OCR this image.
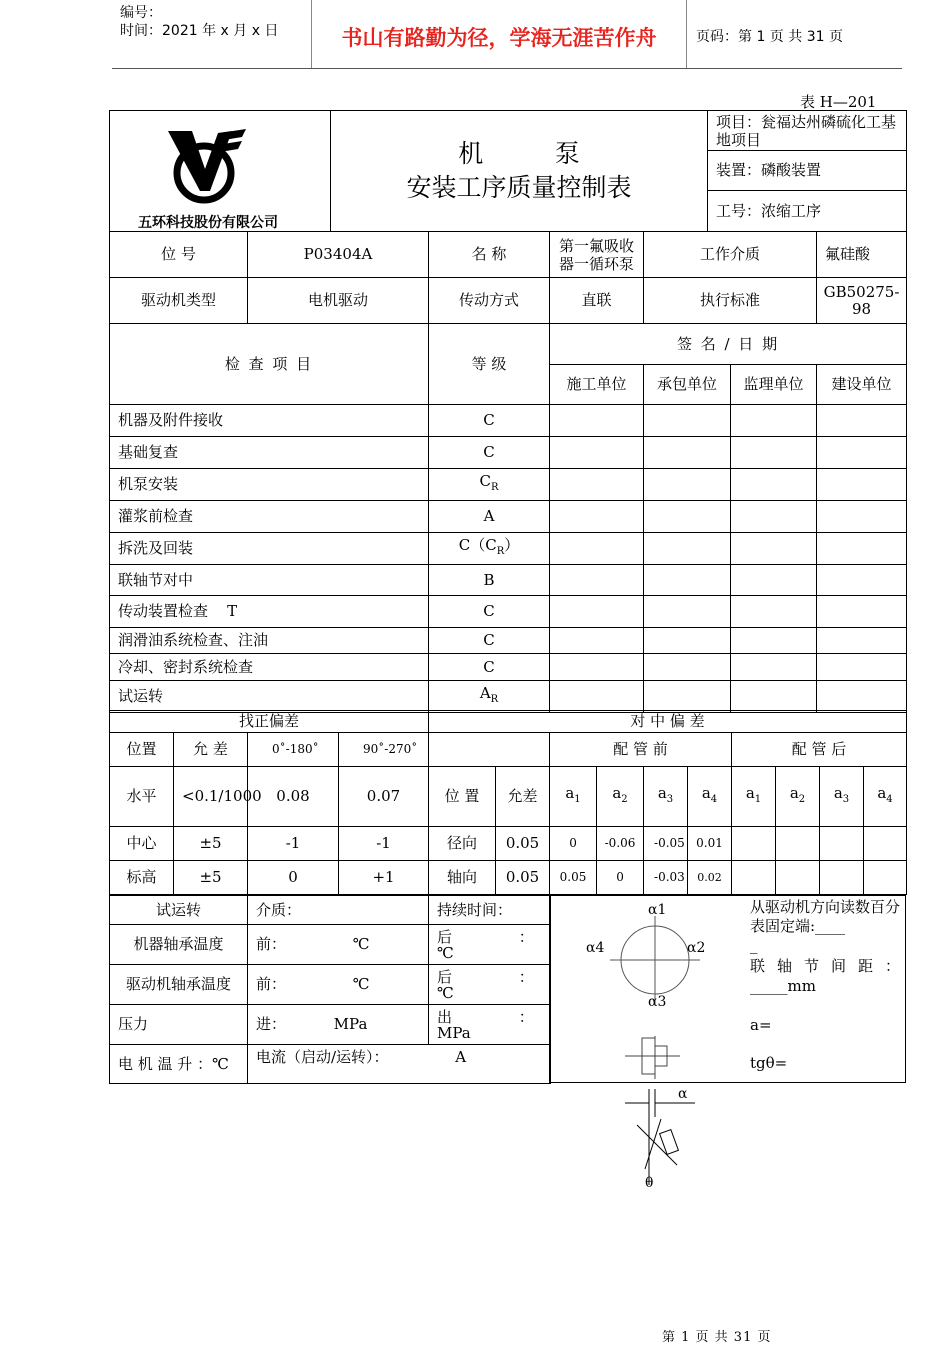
编号：
时间：2021 年 x 月 x 日	书山有路勤为径，学海无涯苦作舟	页码：第 1 页 共 31 页
表 H—201
五环科技股份有限公司

机         泵
安装工序质量控制表
	项目：瓮福达州磷硫化工基地项目
装置：磷酸装置
工号：浓缩工序
位 号	P03404A	名 称	第一氟吸收器一循环泵	工作介质		氟硅酸
驱动机类型	电机驱动	传动方式	直联	执行标准		GB50275-98
检 查 项 目		等 级	签 名 / 日 期			
			施工单位	承包单位	监理单位	建设单位
机器及附件接收		C				
基础复查		C				
机泵安装		$C_R$				
灌浆前检查		A				
拆洗及回装		$C(C_R)$				
联轴节对中		B				
传动装置检查    T		C				
润滑油系统检查、注油		C				
冷却、密封系统检查		C				
试运转		$A_R$				
找正偏差				对 中 偏 差									
位置	允 差	0˚-180˚	90˚-270˚			配 管 前				配 管 后			
水平	<0.1/1000	0.08	0.07	位 置	允差	$a_1$	$a_2$	$a_3$	$a_4$	$a_1$	$a_2$	$a_3$	$a_4$
中心	±5	-1	-1	径向	0.05	0	-0.06	-0.05	0.01				
标高	±5	0	+1	轴向	0.05	0.05	0	-0.03	0.02				
试运转	介质：	持续时间：
机器轴承温度	前：              ℃	后              ：℃
驱动机轴承温度	前：              ℃	后              ：℃
压力	进：          MPa	出              ：MPa
电 机 温 升 ：℃	电流（启动/运转）：              A	
α1
α2
α3
α4
从驱动机方向读数百分表固定端:____
_
联 轴 节 间 距 ：_____mm
a=
tgθ=
α
θ
第 1 页 共 31 页
